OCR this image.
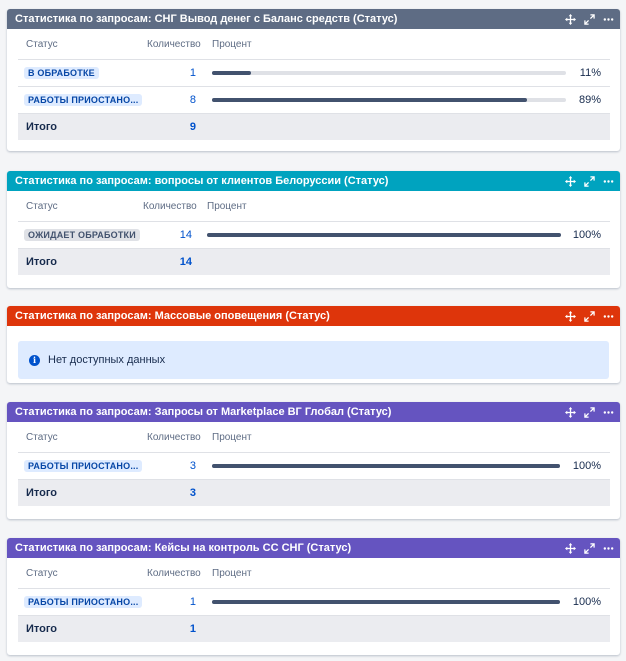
Статистика по запросам: СНГ Вывод денег с Баланс средств (Статус)
Статус	Количество Процент
В ОБРАБОТКЕ	1	11%
РАБОТЫ ПРИОСТАНО...	8	89%
Итого	9
Статистика по запросам: вопросы от клиентов Белоруссии (Статус)
Статус	Количество Процент
ОЖИДАЕТ ОБРАБОТКИ	14	100%
Итого	14
Статистика по запросам: Массовые оповещения (Статус)
i	Нет доступных данных
Статистика по запросам: Запросы от Marketplace ВГ Глобал (Статус)
Статус	Количество Процент
РАБОТЫ ПРИОСТАНО...	3	100%
Итого	3
Статистика по запросам: Кейсы на контроль СС СНГ (Статус)
Статус	Количество Процент
РАБОТЫ ПРИОСТАНО...	1	100%
Итого	1
